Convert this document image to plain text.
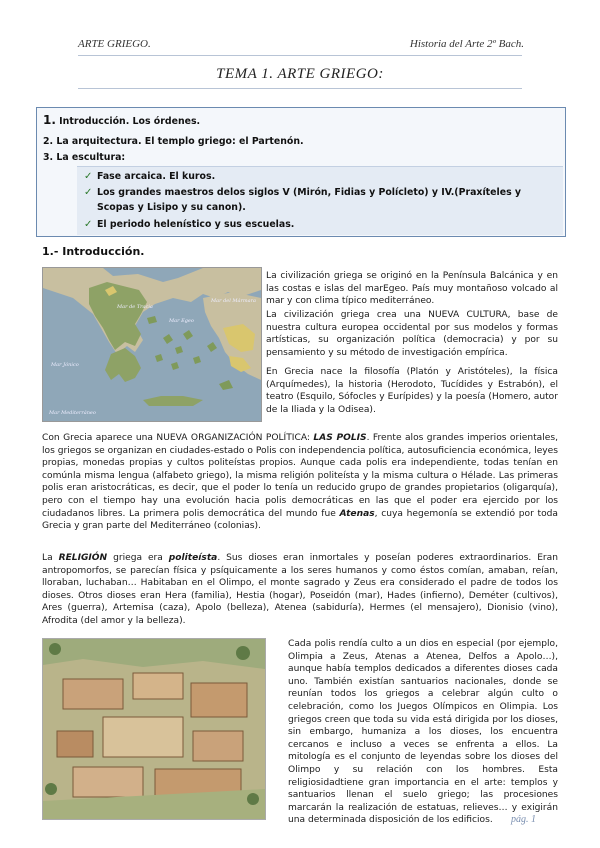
ARTE GRIEGO.	Historia del Arte 2º Bach.
TEMA 1. ARTE GRIEGO:
1. Introducción. Los órdenes.
2. La arquitectura. El templo griego: el Partenón.
3. La escultura:
✓ Fase arcaica. El kuros.
✓ Los grandes maestros delos siglos V (Mirón, Fidias y Polícleto) y IV.(Praxíteles y Scopas y Lisipo y su canon).
✓ El periodo helenístico y sus escuelas.
1.- Introducción.
Mar de Tracia
Mar del Mármara
Mar Egeo
Mar Jónico
Mar Mediterráneo
La civilización griega se originó en la Península Balcánica y en las costas e islas del marEgeo. País muy montañoso volcado al mar y con clima típico mediterráneo.
La civilización griega crea una NUEVA CULTURA, base de nuestra cultura europea occidental por sus modelos y formas artísticas, su organización política (democracia) y por su pensamiento y su método de investigación empírica.
En Grecia nace la filosofía (Platón y Aristóteles), la física (Arquímedes), la historia (Herodoto, Tucídides y Estrabón), el teatro (Esquilo, Sófocles y Eurípides) y la poesía (Homero, autor de la Iliada y la Odisea).
Con Grecia aparece una NUEVA ORGANIZACIÓN POLÍTICA: LAS POLIS. Frente alos grandes imperios orientales, los griegos se organizan en ciudades-estado o Polis con independencia política, autosuficiencia económica, leyes propias, monedas propias y cultos politeístas propios. Aunque cada polis era independiente, todas tenían en comúnla misma lengua (alfabeto griego), la misma religión politeísta y la misma cultura o Hélade. Las primeras polis eran aristocráticas, es decir, que el poder lo tenía un reducido grupo de grandes propietarios (oligarquía), pero con el tiempo hay una evolución hacia polis democráticas en las que el poder era ejercido por los ciudadanos libres. La primera polis democrática del mundo fue Atenas, cuya hegemonía se extendió por toda Grecia y gran parte del Mediterráneo (colonias).
La RELIGIÓN griega era politeísta. Sus dioses eran inmortales y poseían poderes extraordinarios. Eran antropomorfos, se parecían física y psíquicamente a los seres humanos y como éstos comían, amaban, reían, lloraban, luchaban… Habitaban en el Olimpo, el monte sagrado y Zeus era considerado el padre de todos los dioses. Otros dioses eran Hera (familia), Hestia (hogar), Poseidón (mar), Hades (infierno), Deméter (cultivos), Ares (guerra), Artemisa (caza), Apolo (belleza), Atenea (sabiduría), Hermes (el mensajero), Dionisio (vino), Afrodita (del amor y la belleza).
Cada polis rendía culto a un dios en especial (por ejemplo, Olimpia a Zeus, Atenas a Atenea, Delfos a Apolo…), aunque había templos dedicados a diferentes dioses cada uno. También existían santuarios nacionales, donde se reunían todos los griegos a celebrar algún culto o celebración, como los Juegos Olímpicos en Olimpia. Los griegos creen que toda su vida está dirigida por los dioses, sin embargo, humaniza a los dioses, los encuentra cercanos e incluso a veces se enfrenta a ellos. La mitología es el conjunto de leyendas sobre los dioses del Olimpo y su relación con los hombres. Esta religiosidadtiene gran importancia en el arte: templos y santuarios llenan el suelo griego; las procesiones marcarán la realización de estatuas, relieves… y exigirán una determinada disposición de los edificios.	pág. 1
